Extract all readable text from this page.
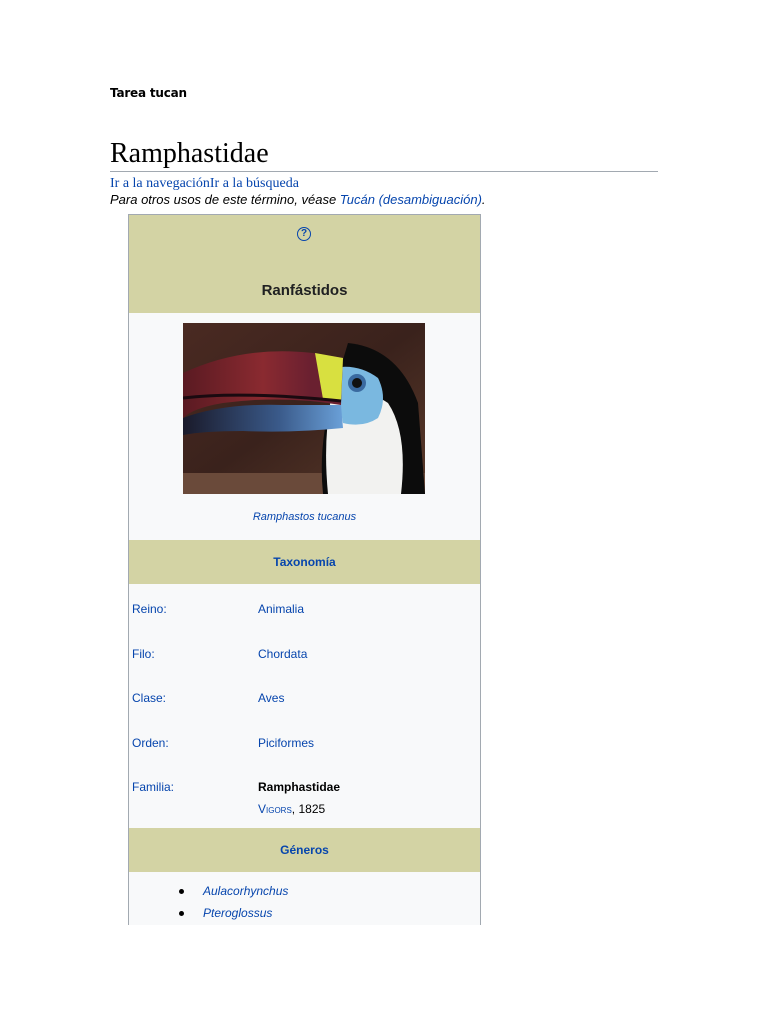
Tarea tucan
Ramphastidae
Ir a la navegaciónIr a la búsqueda
Para otros usos de este término, véase Tucán (desambiguación).
?
Ranfástidos
Ramphastos tucanus
Taxonomía
Reino:	Animalia
Filo:	Chordata
Clase:	Aves
Orden:	Piciformes
Familia:	Ramphastidae
Vigors, 1825
Géneros
Aulacorhynchus
Pteroglossus
